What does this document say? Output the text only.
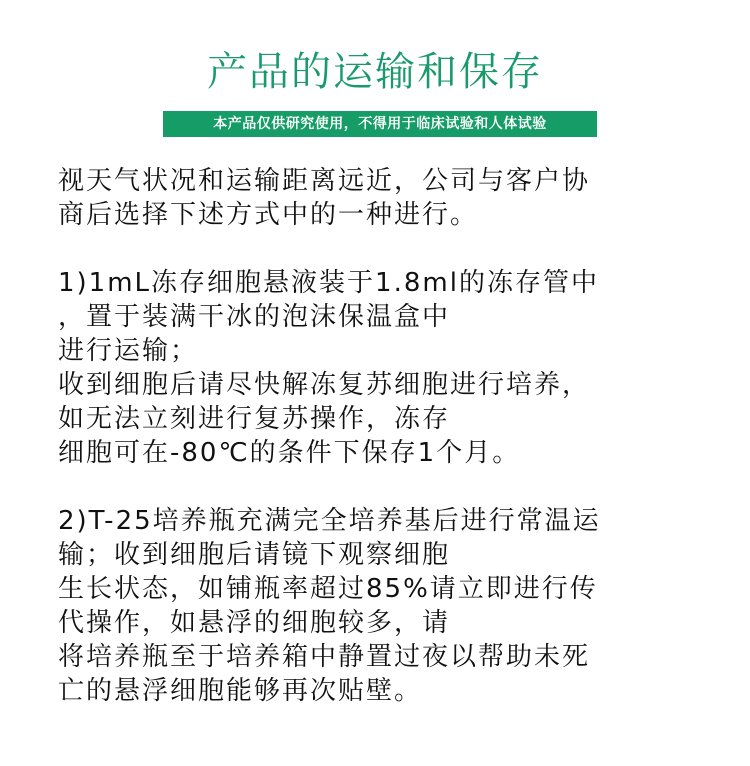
产品的运输和保存
本产品仅供研究使用，不得用于临床试验和人体试验
视天气状况和运输距离远近，公司与客户协
商后选择下述方式中的一种进行。
1)1mL冻存细胞悬液装于1.8ml的冻存管中
，置于装满干冰的泡沫保温盒中
进行运输；
收到细胞后请尽快解冻复苏细胞进行培养，
如无法立刻进行复苏操作，冻存
细胞可在-80℃的条件下保存1个月。
2)T-25培养瓶充满完全培养基后进行常温运
输；收到细胞后请镜下观察细胞
生长状态，如铺瓶率超过85%请立即进行传
代操作，如悬浮的细胞较多，请
将培养瓶至于培养箱中静置过夜以帮助未死
亡的悬浮细胞能够再次贴壁。
